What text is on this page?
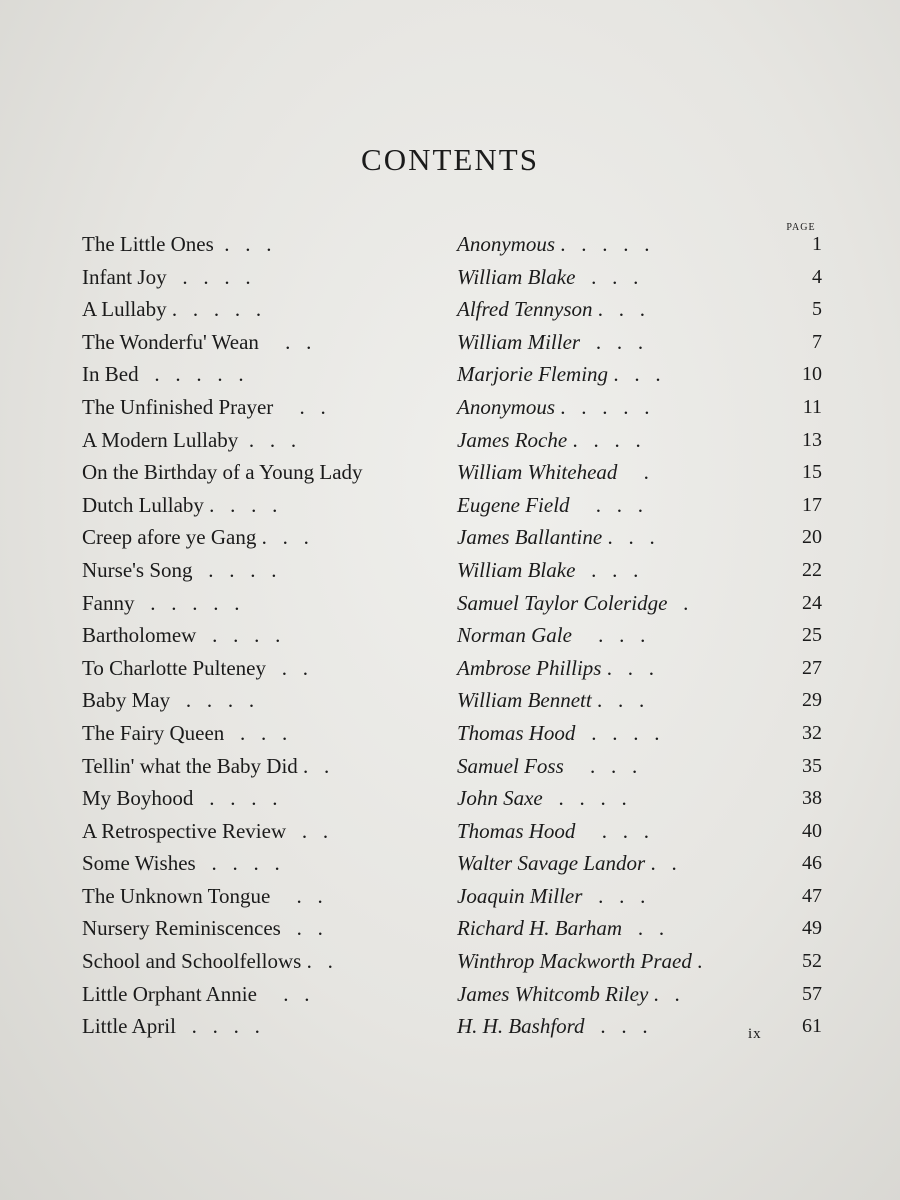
CONTENTS
PAGE
The Little Ones  .   .   .	Anonymous .   .   .   .   .	1
Infant Joy   .   .   .   .	William Blake   .   .   .	4
A Lullaby .   .   .   .   .	Alfred Tennyson .   .   .	5
The Wonderfu' Wean     .   .	William Miller   .   .   .	7
In Bed   .   .   .   .   .	Marjorie Fleming .   .   .	10
The Unfinished Prayer     .   .	Anonymous .   .   .   .   .	11
A Modern Lullaby  .   .   .	James Roche .   .   .   .	13
On the Birthday of a Young Lady	William Whitehead     .	15
Dutch Lullaby .   .   .   .	Eugene Field     .   .   .	17
Creep afore ye Gang .   .   .	James Ballantine .   .   .	20
Nurse's Song   .   .   .   .	William Blake   .   .   .	22
Fanny   .   .   .   .   .	Samuel Taylor Coleridge   .	24
Bartholomew   .   .   .   .	Norman Gale     .   .   .	25
To Charlotte Pulteney   .   .	Ambrose Phillips .   .   .	27
Baby May   .   .   .   .	William Bennett .   .   .	29
The Fairy Queen   .   .   .	Thomas Hood   .   .   .   .	32
Tellin' what the Baby Did .   .	Samuel Foss     .   .   .	35
My Boyhood   .   .   .   .	John Saxe   .   .   .   .	38
A Retrospective Review   .   .	Thomas Hood     .   .   .	40
Some Wishes   .   .   .   .	Walter Savage Landor .   .	46
The Unknown Tongue     .   .	Joaquin Miller   .   .   .	47
Nursery Reminiscences   .   .	Richard H. Barham   .   .	49
School and Schoolfellows .   .	Winthrop Mackworth Praed .	52
Little Orphant Annie     .   .	James Whitcomb Riley .   .	57
Little April   .   .   .   .	H. H. Bashford   .   .   .	61
ix
